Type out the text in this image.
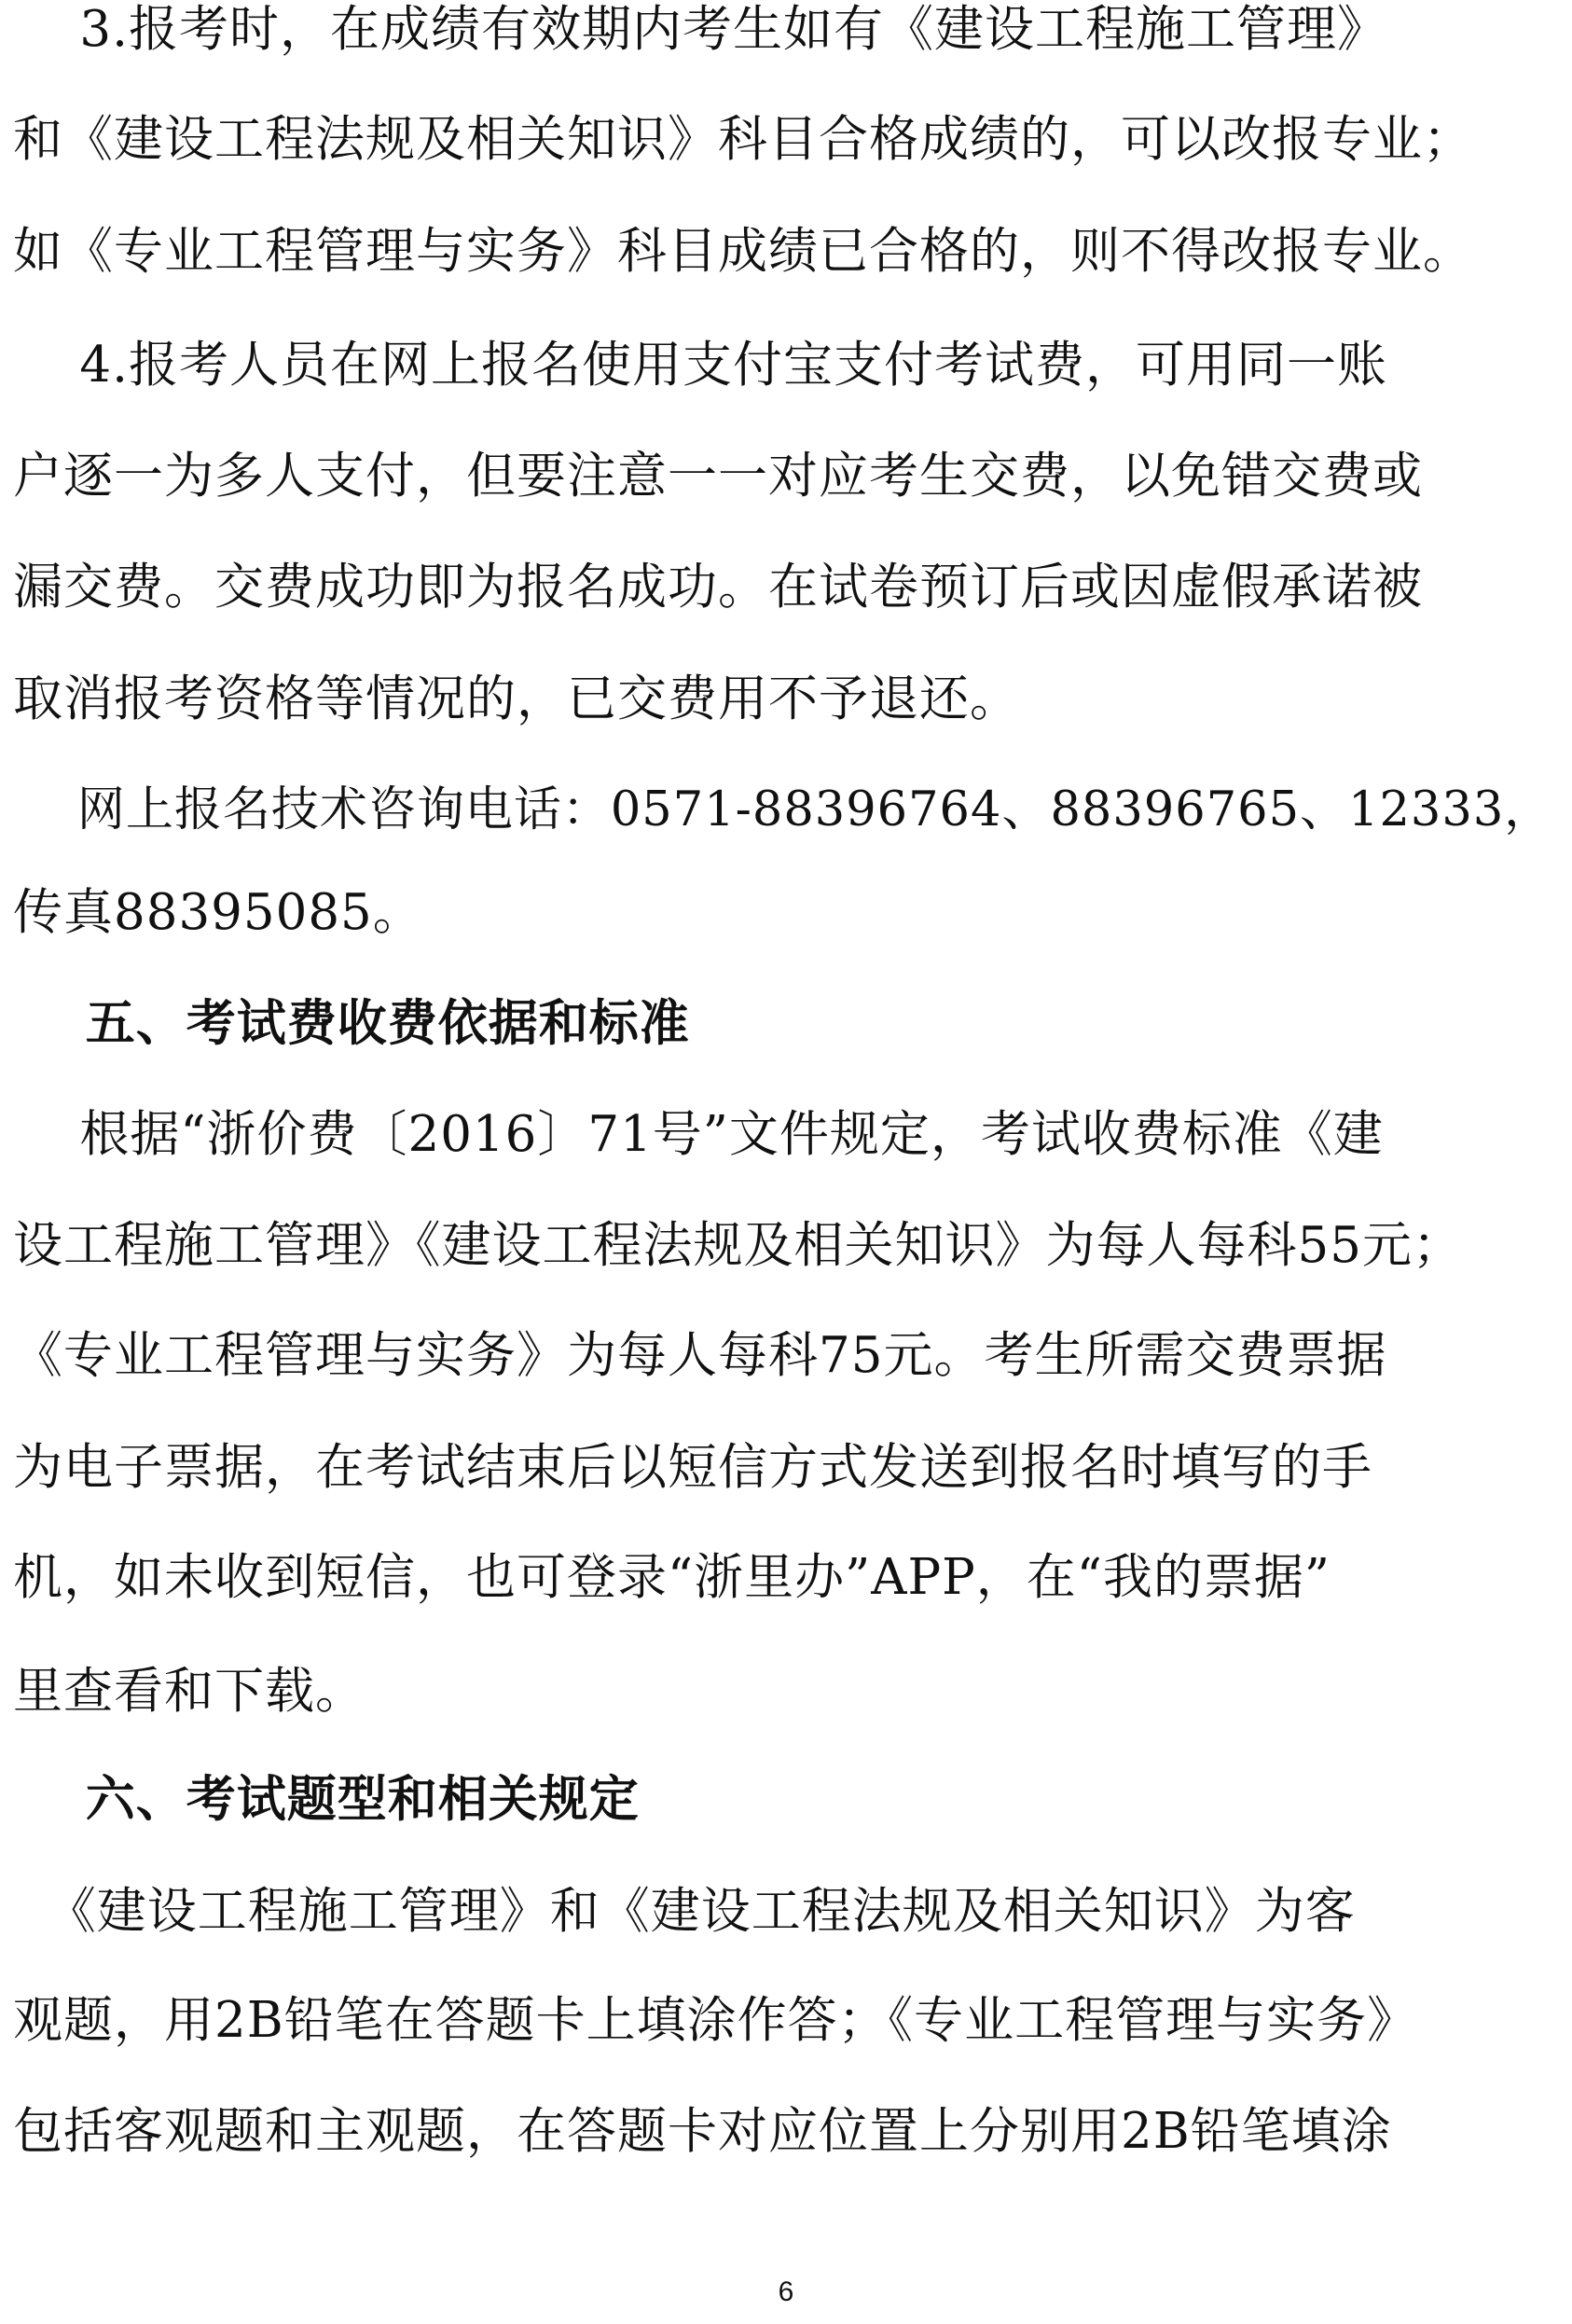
3.报考时，在成绩有效期内考生如有《建设工程施工管理》
和《建设工程法规及相关知识》科目合格成绩的，可以改报专业；
如《专业工程管理与实务》科目成绩已合格的，则不得改报专业。
4.报考人员在网上报名使用支付宝支付考试费，可用同一账
户逐一为多人支付，但要注意一一对应考生交费，以免错交费或
漏交费。交费成功即为报名成功。在试卷预订后或因虚假承诺被
取消报考资格等情况的，已交费用不予退还。
网上报名技术咨询电话：0571-88396764、88396765、12333，
传真88395085。
五、考试费收费依据和标准
根据“浙价费〔2016〕71号”文件规定，考试收费标准《建
设工程施工管理》《建设工程法规及相关知识》为每人每科55元；
《专业工程管理与实务》为每人每科75元。考生所需交费票据
为电子票据，在考试结束后以短信方式发送到报名时填写的手
机，如未收到短信，也可登录“浙里办”APP，在“我的票据”
里查看和下载。
六、考试题型和相关规定
《建设工程施工管理》和《建设工程法规及相关知识》为客
观题，用2B铅笔在答题卡上填涂作答；《专业工程管理与实务》
包括客观题和主观题，在答题卡对应位置上分别用2B铅笔填涂
6
